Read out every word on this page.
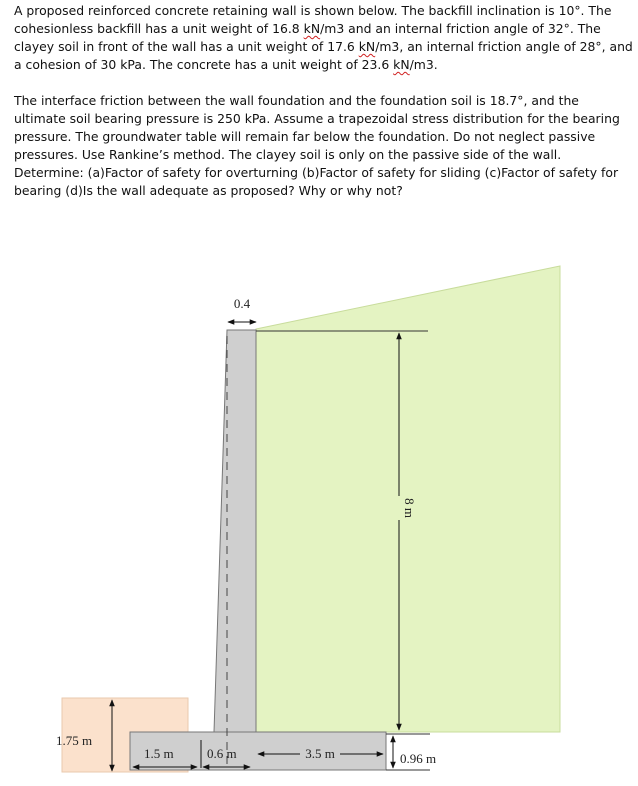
A proposed reinforced concrete retaining wall is shown below. The backfill inclination is 10°. The cohesionless backfill has a unit weight of 16.8 kN/m3 and an internal friction angle of 32°. The clayey soil in front of the wall has a unit weight of 17.6 kN/m3, an internal friction angle of 28°, and a cohesion of 30 kPa. The concrete has a unit weight of 23.6 kN/m3.
The interface friction between the wall foundation and the foundation soil is 18.7°, and the ultimate soil bearing pressure is 250 kPa. Assume a trapezoidal stress distribution for the bearing pressure. The groundwater table will remain far below the foundation. Do not neglect passive pressures. Use Rankine’s method. The clayey soil is only on the passive side of the wall. Determine: (a)Factor of safety for overturning (b)Factor of safety for sliding (c)Factor of safety for bearing (d)Is the wall adequate as proposed? Why or why not?
0.4
8 m
0.96 m
1.75 m
1.5 m	0.6 m	3.5 m
